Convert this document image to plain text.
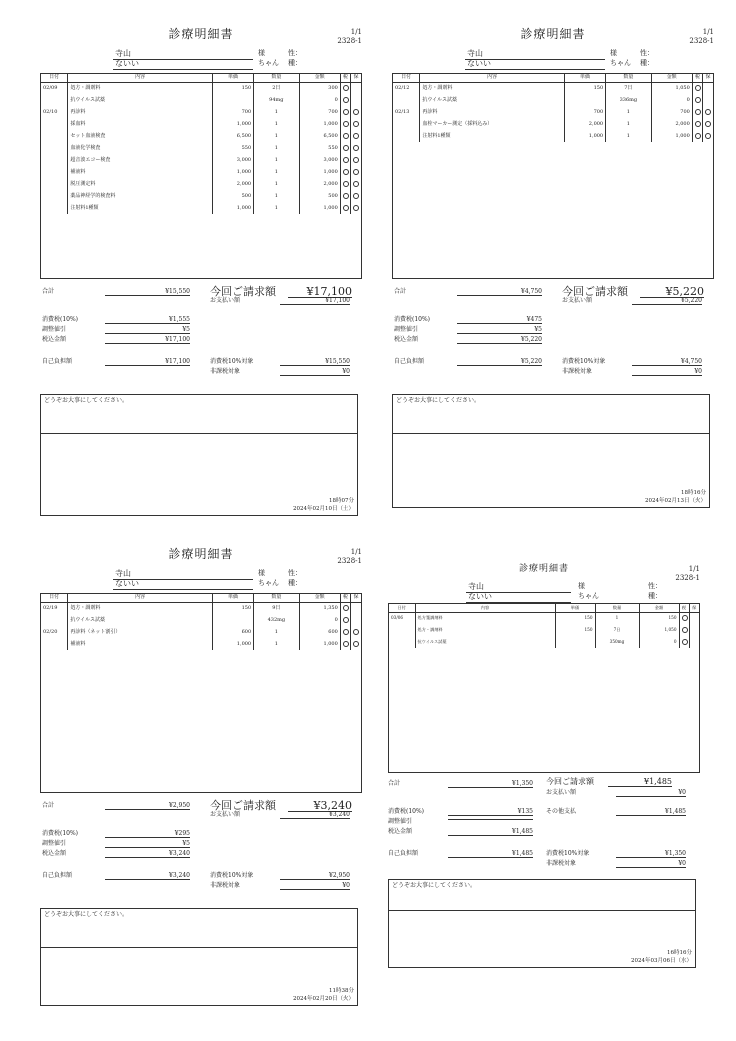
診療明細書	1/1
2328-1
寺山
ないい
様
ちゃん
性：
種：
日付	内容	単価	数量	金額	税	保
02/09	処方・調剤料	150	2日	300		
	抗ウイルス試薬		94mg	0		
02/10	再診料	700	1	700		
	採血料	1,000	1	1,000		
	セット血液検査	6,500	1	6,500		
	血液化学検査	550	1	550		
	超音波エコー検査	3,000	1	3,000		
	補液料	1,000	1	1,000		
	脱圧測定料	2,000	1	2,000		
	薬品神経学的検査料	500	1	500		
	注射料1種類	1,000	1	1,000		

合計	¥15,550
消費税(10%)	¥1,555
調整値引	¥5
税込金額	¥17,100
自己負担額	¥17,100
今回ご請求額	¥17,100
お支払い額	¥17,100
消費税10%対象	¥15,550
非課税対象	¥0
どうぞお大事にしてください。
18時07分
2024年02月10日（土）
診療明細書	1/1
2328-1
寺山
ないい
様
ちゃん
性：
種：
日付	内容	単価	数量	金額	税	保
02/12	処方・調剤料	150	7日	1,050		
	抗ウイルス試薬		336mg	0		
02/13	再診料	700	1	700		
	血栓マーカー測定（採料込み）	2,000	1	2,000		
	注射料1種類	1,000	1	1,000		

合計	¥4,750
消費税(10%)	¥475
調整値引	¥5
税込金額	¥5,220
自己負担額	¥5,220
今回ご請求額	¥5,220
お支払い額	¥5,220
消費税10%対象	¥4,750
非課税対象	¥0
どうぞお大事にしてください。
18時16分
2024年02月13日（火）
診療明細書	1/1
2328-1
寺山
ないい
様
ちゃん
性：
種：
日付	内容	単価	数量	金額	税	保
02/19	処方・調剤料	150	9日	1,350		
	抗ウイルス試薬		432mg	0		
02/20	再診料（ネット割引）	600	1	600		
	補液料	1,000	1	1,000		

合計	¥2,950
消費税(10%)	¥295
調整値引	¥5
税込金額	¥3,240
自己負担額	¥3,240
今回ご請求額	¥3,240
お支払い額	¥3,240
消費税10%対象	¥2,950
非課税対象	¥0
どうぞお大事にしてください。
11時38分
2024年02月20日（火）
診療明細書	1/1
2328-1
寺山
ないい
様
ちゃん
性：
種：
日付	内容	単価	数量	金額	税	保
03/06	処方箋調剤料	150	1	150		
	処方・調剤料	150	7日	1,050		
	抗ウイルス試薬		350mg	0		

合計	¥1,350
消費税(10%)	¥135
調整値引
税込金額	¥1,485
自己負担額	¥1,485
今回ご請求額	¥1,485
お支払い額	¥0
その他支払	¥1,485
消費税10%対象	¥1,350
非課税対象	¥0
どうぞお大事にしてください。
16時16分
2024年03月06日（水）
